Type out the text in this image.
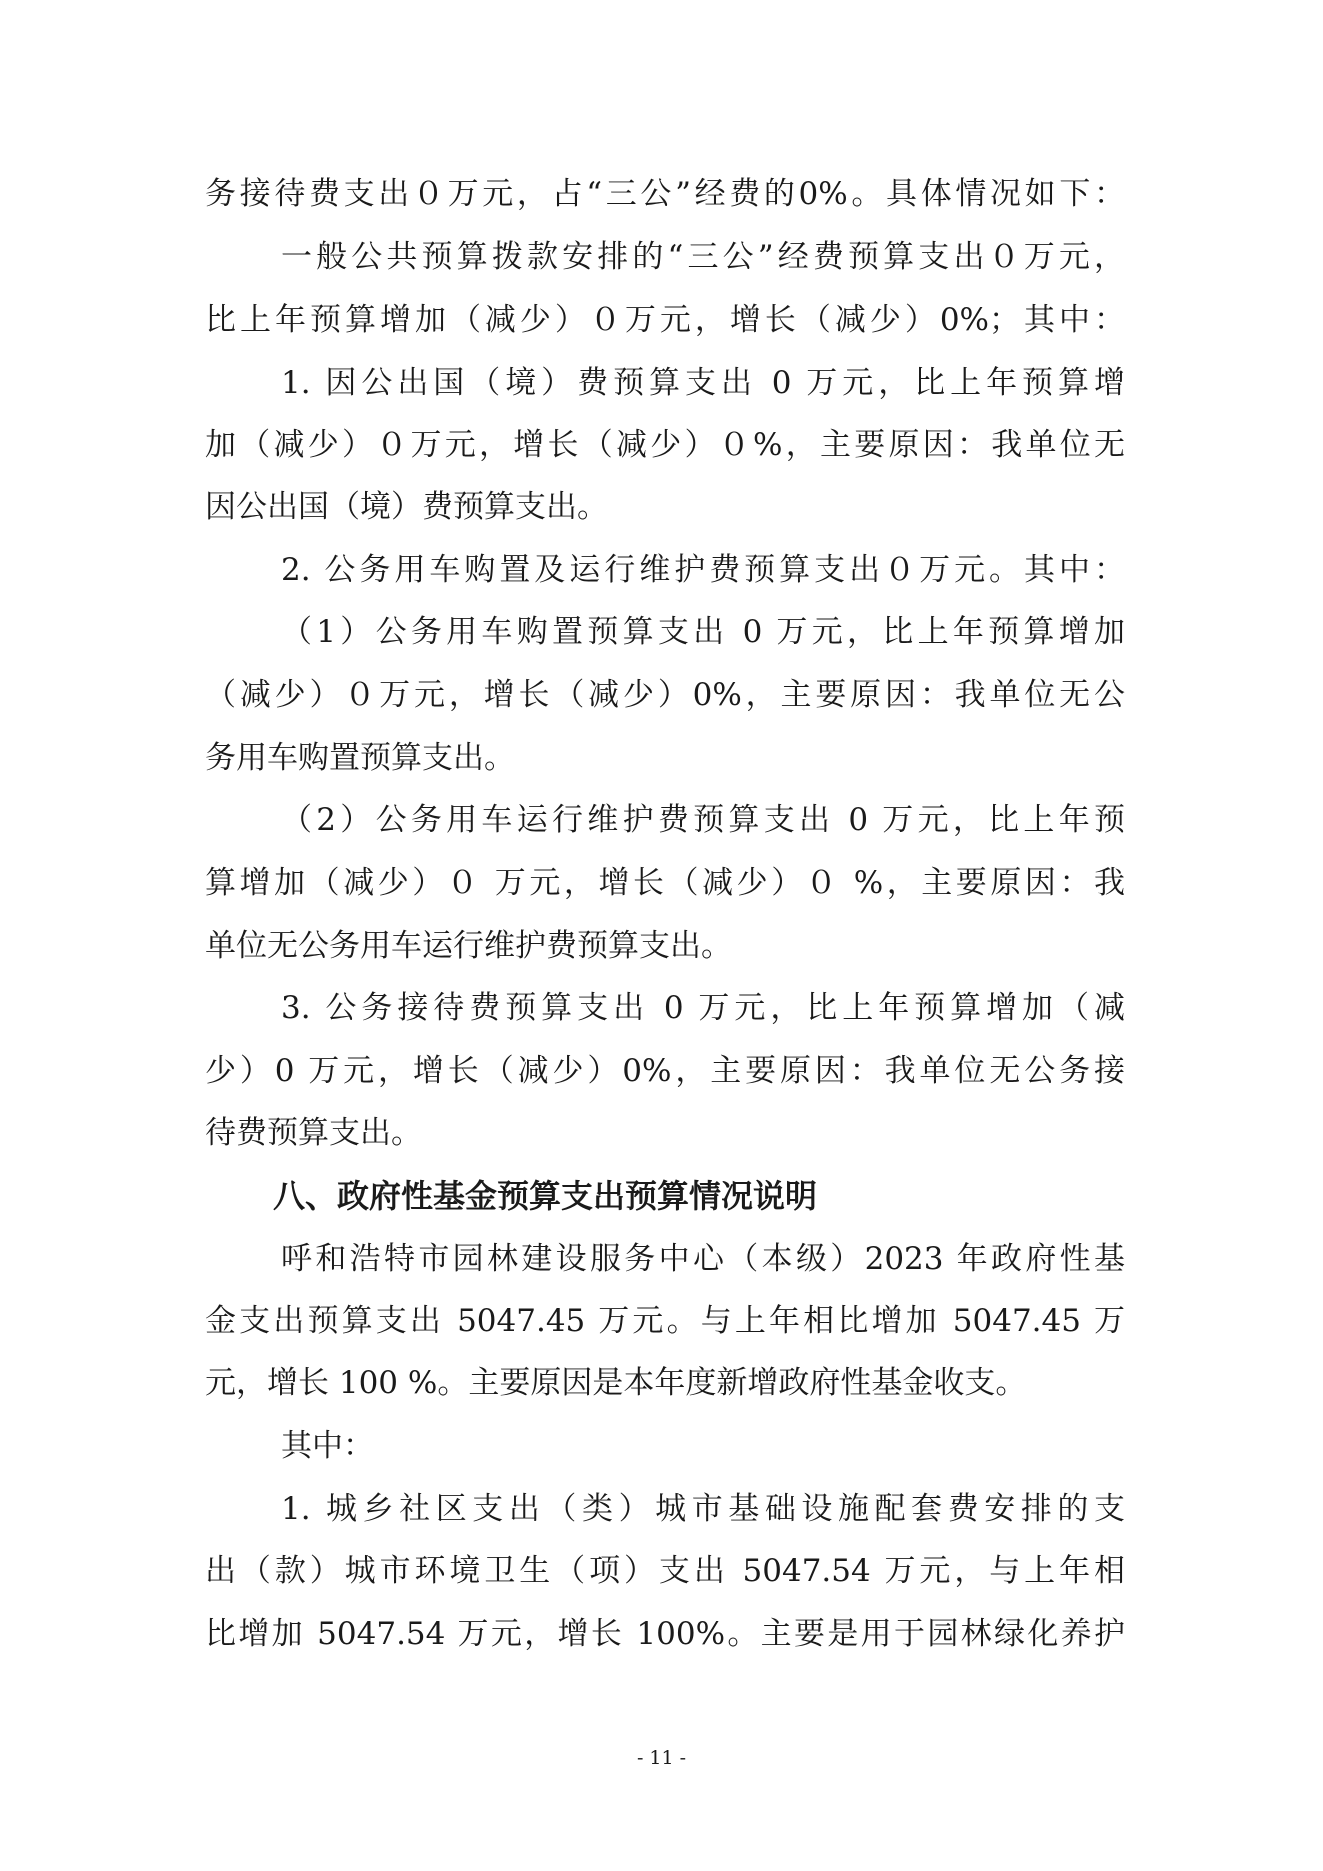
务接待费支出０万元，占“三公”经费的0%。具体情况如下：
一般公共预算拨款安排的“三公”经费预算支出０万元，
比上年预算增加（减少）０万元，增长（减少）0%；其中：
1. 因公出国（境）费预算支出 0 万元，比上年预算增
加（减少）０万元，增长（减少）０%，主要原因：我单位无
因公出国（境）费预算支出。
2. 公务用车购置及运行维护费预算支出０万元。其中：
（1）公务用车购置预算支出 0 万元，比上年预算增加
（减少）０万元，增长（减少）0%，主要原因：我单位无公
务用车购置预算支出。
（2）公务用车运行维护费预算支出 0 万元，比上年预
算增加（减少）０ 万元，增长（减少）０ %，主要原因：我
单位无公务用车运行维护费预算支出。
3. 公务接待费预算支出 0 万元，比上年预算增加（减
少）0 万元，增长（减少）0%，主要原因：我单位无公务接
待费预算支出。
八、政府性基金预算支出预算情况说明
呼和浩特市园林建设服务中心（本级）2023 年政府性基
金支出预算支出 5047.45 万元。与上年相比增加 5047.45 万
元，增长 100 %。主要原因是本年度新增政府性基金收支。
其中：
1. 城乡社区支出（类）城市基础设施配套费安排的支
出（款）城市环境卫生（项）支出 5047.54 万元，与上年相
比增加 5047.54 万元，增长 100%。主要是用于园林绿化养护
- 11 -
